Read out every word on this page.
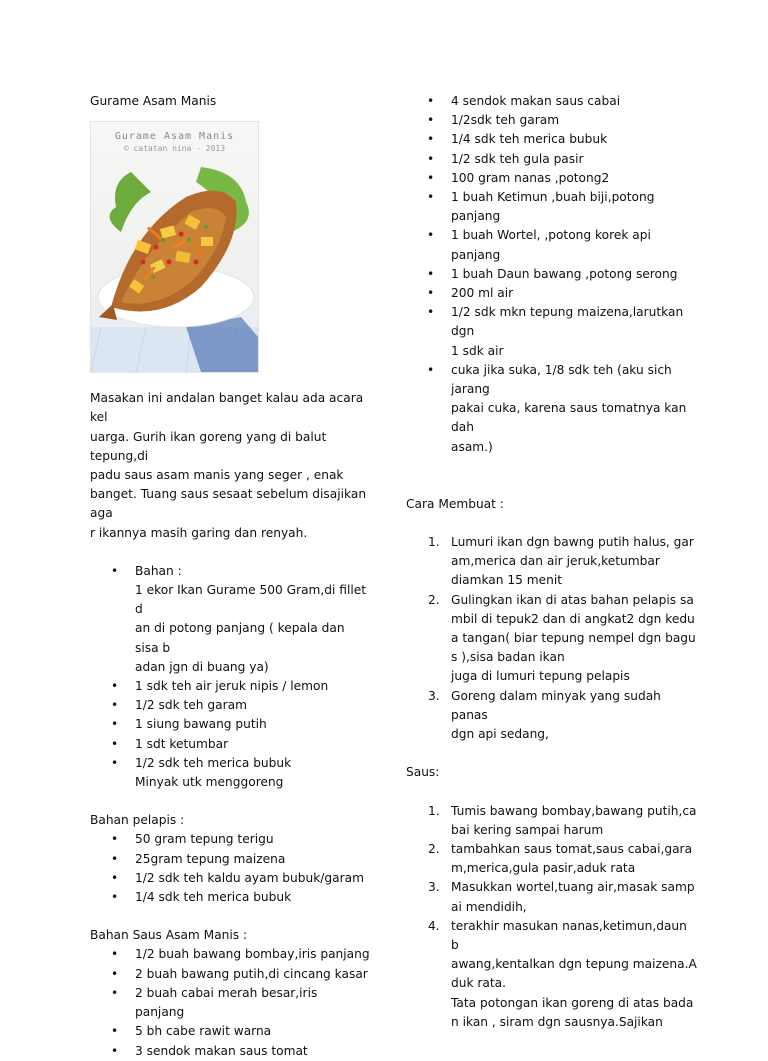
Gurame Asam Manis

Gurame Asam Manis
© catatan nina - 2013
Masakan ini andalan banget kalau ada acara kel
uarga. Gurih ikan goreng yang di balut tepung,di
padu saus asam manis yang seger , enak
banget. Tuang saus sesaat sebelum disajikan aga
r ikannya masih garing dan renyah.
• Bahan :
1 ekor Ikan Gurame 500 Gram,di fillet d
an di potong panjang ( kepala dan sisa b
adan jgn di buang ya)
• 1 sdk teh air jeruk nipis / lemon
• 1/2 sdk teh garam
• 1 siung bawang putih
• 1 sdt ketumbar
• 1/2 sdk teh merica bubuk
Minyak utk menggoreng

Bahan pelapis :

• 50 gram tepung terigu
• 25gram tepung maizena
• 1/2 sdk teh kaldu ayam bubuk/garam
• 1/4 sdk teh merica bubuk

Bahan Saus Asam Manis :

• 1/2 buah bawang bombay,iris panjang
• 2 buah bawang putih,di cincang kasar
• 2 buah cabai merah besar,iris panjang
• 5 bh cabe rawit warna
• 3 sendok makan saus tomat
• 4 sendok makan saus cabai
• 1/2sdk teh garam
• 1/4 sdk teh merica bubuk
• 1/2 sdk teh gula pasir
• 100 gram nanas ,potong2
• 1 buah Ketimun ,buah biji,potong panjang
• 1 buah Wortel, ,potong korek api panjang
• 1 buah Daun bawang ,potong serong
• 200 ml air
• 1/2 sdk mkn tepung maizena,larutkan dgn
1 sdk air
• cuka jika suka, 1/8 sdk teh (aku sich jarang
pakai cuka, karena saus tomatnya kan dah
asam.)

Cara Membuat :

1. Lumuri ikan dgn bawng putih halus, gar
am,merica dan air jeruk,ketumbar
diamkan 15 menit
2. Gulingkan ikan di atas bahan pelapis sa
mbil di tepuk2 dan di angkat2 dgn kedu
a tangan( biar tepung nempel dgn bagu
s ),sisa badan ikan
juga di lumuri tepung pelapis
3. Goreng dalam minyak yang sudah panas
dgn api sedang,

Saus:

1. Tumis bawang bombay,bawang putih,ca
bai kering sampai harum
2. tambahkan saus tomat,saus cabai,gara
m,merica,gula pasir,aduk rata
3. Masukkan wortel,tuang air,masak samp
ai mendidih,
4. terakhir masukan nanas,ketimun,daun b
awang,kentalkan dgn tepung maizena.A
duk rata.
Tata potongan ikan goreng di atas bada
n ikan , siram dgn sausnya.Sajikan
